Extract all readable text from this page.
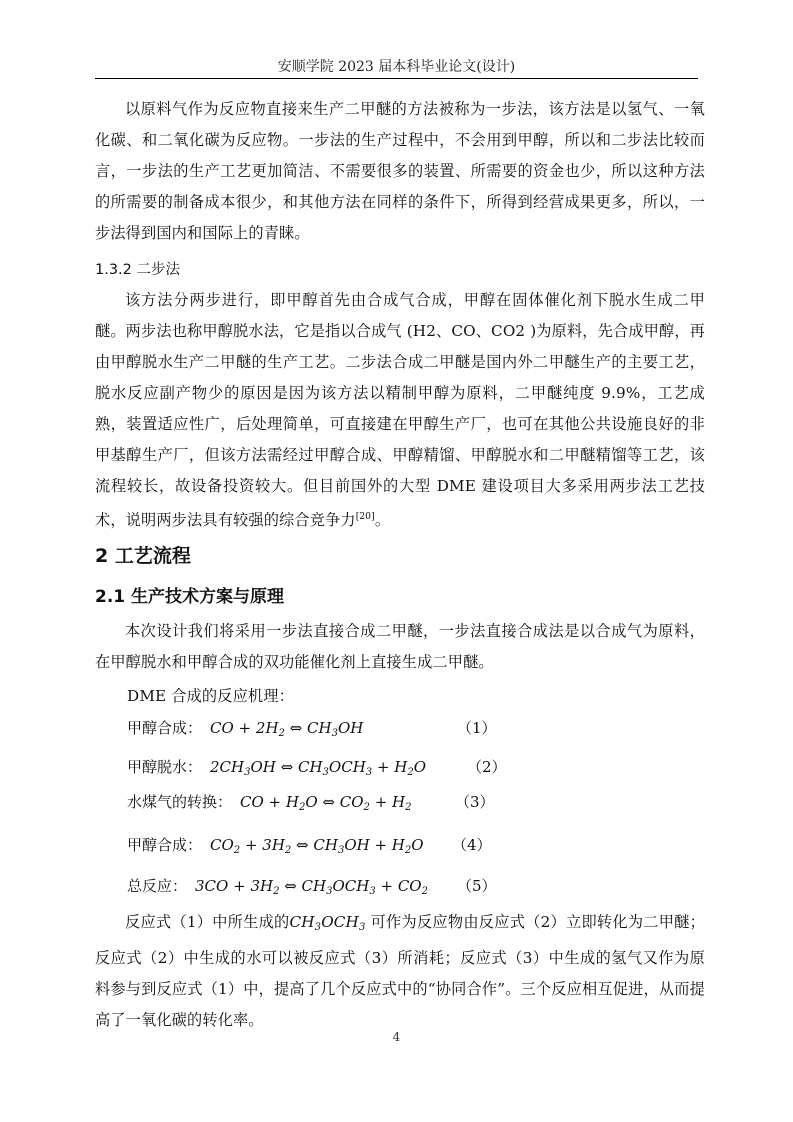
安顺学院 2023 届本科毕业论文(设计)
以原料气作为反应物直接来生产二甲醚的方法被称为一步法，该方法是以氢气、一氧化碳、和二氧化碳为反应物。一步法的生产过程中，不会用到甲醇，所以和二步法比较而言，一步法的生产工艺更加简洁、不需要很多的装置、所需要的资金也少，所以这种方法的所需要的制备成本很少，和其他方法在同样的条件下，所得到经营成果更多，所以，一步法得到国内和国际上的青睐。
1.3.2 二步法
该方法分两步进行，即甲醇首先由合成气合成，甲醇在固体催化剂下脱水生成二甲醚。两步法也称甲醇脱水法，它是指以合成气 (H2、CO、CO2 )为原料，先合成甲醇，再由甲醇脱水生产二甲醚的生产工艺。二步法合成二甲醚是国内外二甲醚生产的主要工艺，脱水反应副产物少的原因是因为该方法以精制甲醇为原料，二甲醚纯度 9.9%，工艺成熟，装置适应性广，后处理简单，可直接建在甲醇生产厂，也可在其他公共设施良好的非甲基醇生产厂，但该方法需经过甲醇合成、甲醇精馏、甲醇脱水和二甲醚精馏等工艺，该流程较长，故设备投资较大。但目前国外的大型 DME 建设项目大多采用两步法工艺技术，说明两步法具有较强的综合竞争力[20]。
2 工艺流程
2.1 生产技术方案与原理
本次设计我们将采用一步法直接合成二甲醚，一步法直接合成法是以合成气为原料，在甲醇脱水和甲醇合成的双功能催化剂上直接生成二甲醚。
DME 合成的反应机理：
甲醇合成： CO + $2H_2$ ⇔ $CH_3OH$	（1）
甲醇脱水： $2CH_3OH$ ⇔ $CH_3OCH_3 + H_2O$	（2）
水煤气的转换： CO + $H_2O$ ⇔ $CO_2 + H_2$	（3）
甲醇合成： $CO_2 + 3H_2$ ⇔ $CH_3OH + H_2O$ （4）
总反应： $3CO + 3H_2$ ⇔ $CH_3OCH_3 + CO_2$ （5）
反应式（1）中所生成的$CH_3OCH_3$ 可作为反应物由反应式（2）立即转化为二甲醚；反应式（2）中生成的水可以被反应式（3）所消耗；反应式（3）中生成的氢气又作为原料参与到反应式（1）中，提高了几个反应式中的“协同合作”。三个反应相互促进，从而提高了一氧化碳的转化率。
4
